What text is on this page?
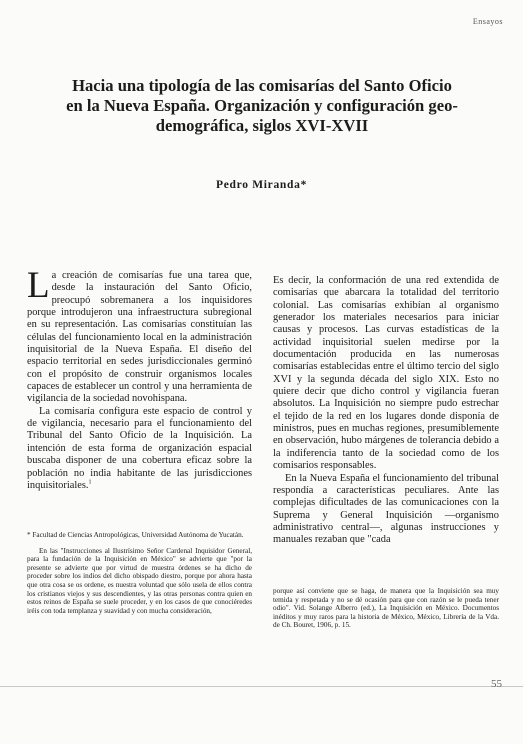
Ensayos
Hacia una tipología de las comisarías del Santo Oficio
en la Nueva España. Organización y configuración geo-
demográfica, siglos XVI-XVII
Pedro Miranda*

La creación de comisarías fue una tarea que, desde la instauración del Santo Oficio, preocupó sobremanera a los inquisidores porque introdujeron una infraestructura subregional en su representación. Las comisarías constituían las células del funcionamiento local en la administración inquisitorial de la Nueva España. El diseño del espacio territorial en sedes jurisdiccionales germinó con el propósito de construir organismos locales capaces de establecer un control y una herramienta de vigilancia de la sociedad novohispana.

La comisaría configura este espacio de control y de vigilancia, necesario para el funcionamiento del Tribunal del Santo Oficio de la Inquisición. La intención de esta forma de organización espacial buscaba disponer de una cobertura eficaz sobre la población no india habitante de las jurisdicciones inquisitoriales.$^1$

Es decir, la conformación de una red extendida de comisarías que abarcara la totalidad del territorio colonial. Las comisarías exhibían al organismo generador los materiales necesarios para iniciar causas y procesos. Las curvas estadísticas de la actividad inquisitorial suelen medirse por la documentación producida en las numerosas comisarías establecidas entre el último tercio del siglo XVI y la segunda década del siglo XIX. Esto no quiere decir que dicho control y vigilancia fueran absolutos. La Inquisición no siempre pudo estrechar el tejido de la red en los lugares donde disponía de ministros, pues en muchas regiones, presumiblemente en observación, hubo márgenes de tolerancia debido a la indiferencia tanto de la sociedad como de los comisarios responsables.

En la Nueva España el funcionamiento del tribunal respondía a características peculiares. Ante las complejas dificultades de las comunicaciones con la Suprema y General Inquisición —organismo administrativo central—, algunas instrucciones y manuales rezaban que "cada

* Facultad de Ciencias Antropológicas, Universidad Autónoma de Yucatán.
En las "Instrucciones al Ilustrísimo Señor Cardenal Inquisidor General, para la fundación de la Inquisición en México" se advierte que "por la presente se advierte que por virtud de muestra órdenes se ha dicho de proceder sobre los indios del dicho obispado diestro, porque por ahora hasta que otra cosa se os ordene, es nuestra voluntad que sólo usela de ellos contra los cristianos viejos y sus descendientes, y las otras personas contra quien en estos reinos de España se suele proceder, y en los casos de que conociéredes iréis con toda templanza y suavidad y con mucha consideración,
porque así conviene que se haga, de manera que la Inquisición sea muy temida y respetada y no se dé ocasión para que con razón se le pueda tener odio". Vid. Solange Alberro (ed.), La Inquisición en México. Documentos inéditos y muy raros para la historia de México, México, Librería de la Vda. de Ch. Bouret, 1906, p. 15.
55
